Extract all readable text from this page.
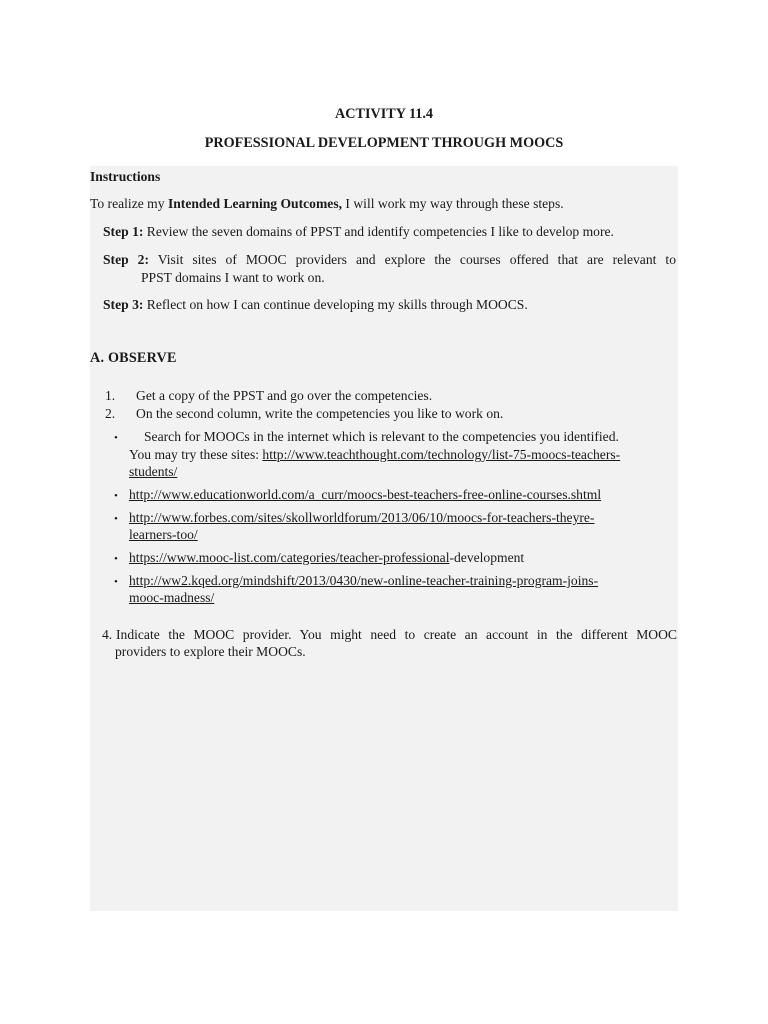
ACTIVITY 11.4
PROFESSIONAL DEVELOPMENT THROUGH MOOCS
Instructions
To realize my Intended Learning Outcomes, I will work my way through these steps.
Step 1: Review the seven domains of PPST and identify competencies I like to develop more.
Step 2: Visit sites of MOOC providers and explore the courses offered that are relevant to
PPST domains I want to work on.
Step 3: Reflect on how I can continue developing my skills through MOOCS.
A. OBSERVE
1. Get a copy of the PPST and go over the competencies.
2. On the second column, write the competencies you like to work on.
• Search for MOOCs in the internet which is relevant to the competencies you identified.
You may try these sites: http://www.teachthought.com/technology/list-75-moocs-teachers-
students/
• http://www.educationworld.com/a_curr/moocs-best-teachers-free-online-courses.shtml
• http://www.forbes.com/sites/skollworldforum/2013/06/10/moocs-for-teachers-theyre-
learners-too/
• https://www.mooc-list.com/categories/teacher-professional-development
• http://ww2.kqed.org/mindshift/2013/0430/new-online-teacher-training-program-joins-
mooc-madness/
4. Indicate the MOOC provider. You might need to create an account in the different MOOC
providers to explore their MOOCs.
